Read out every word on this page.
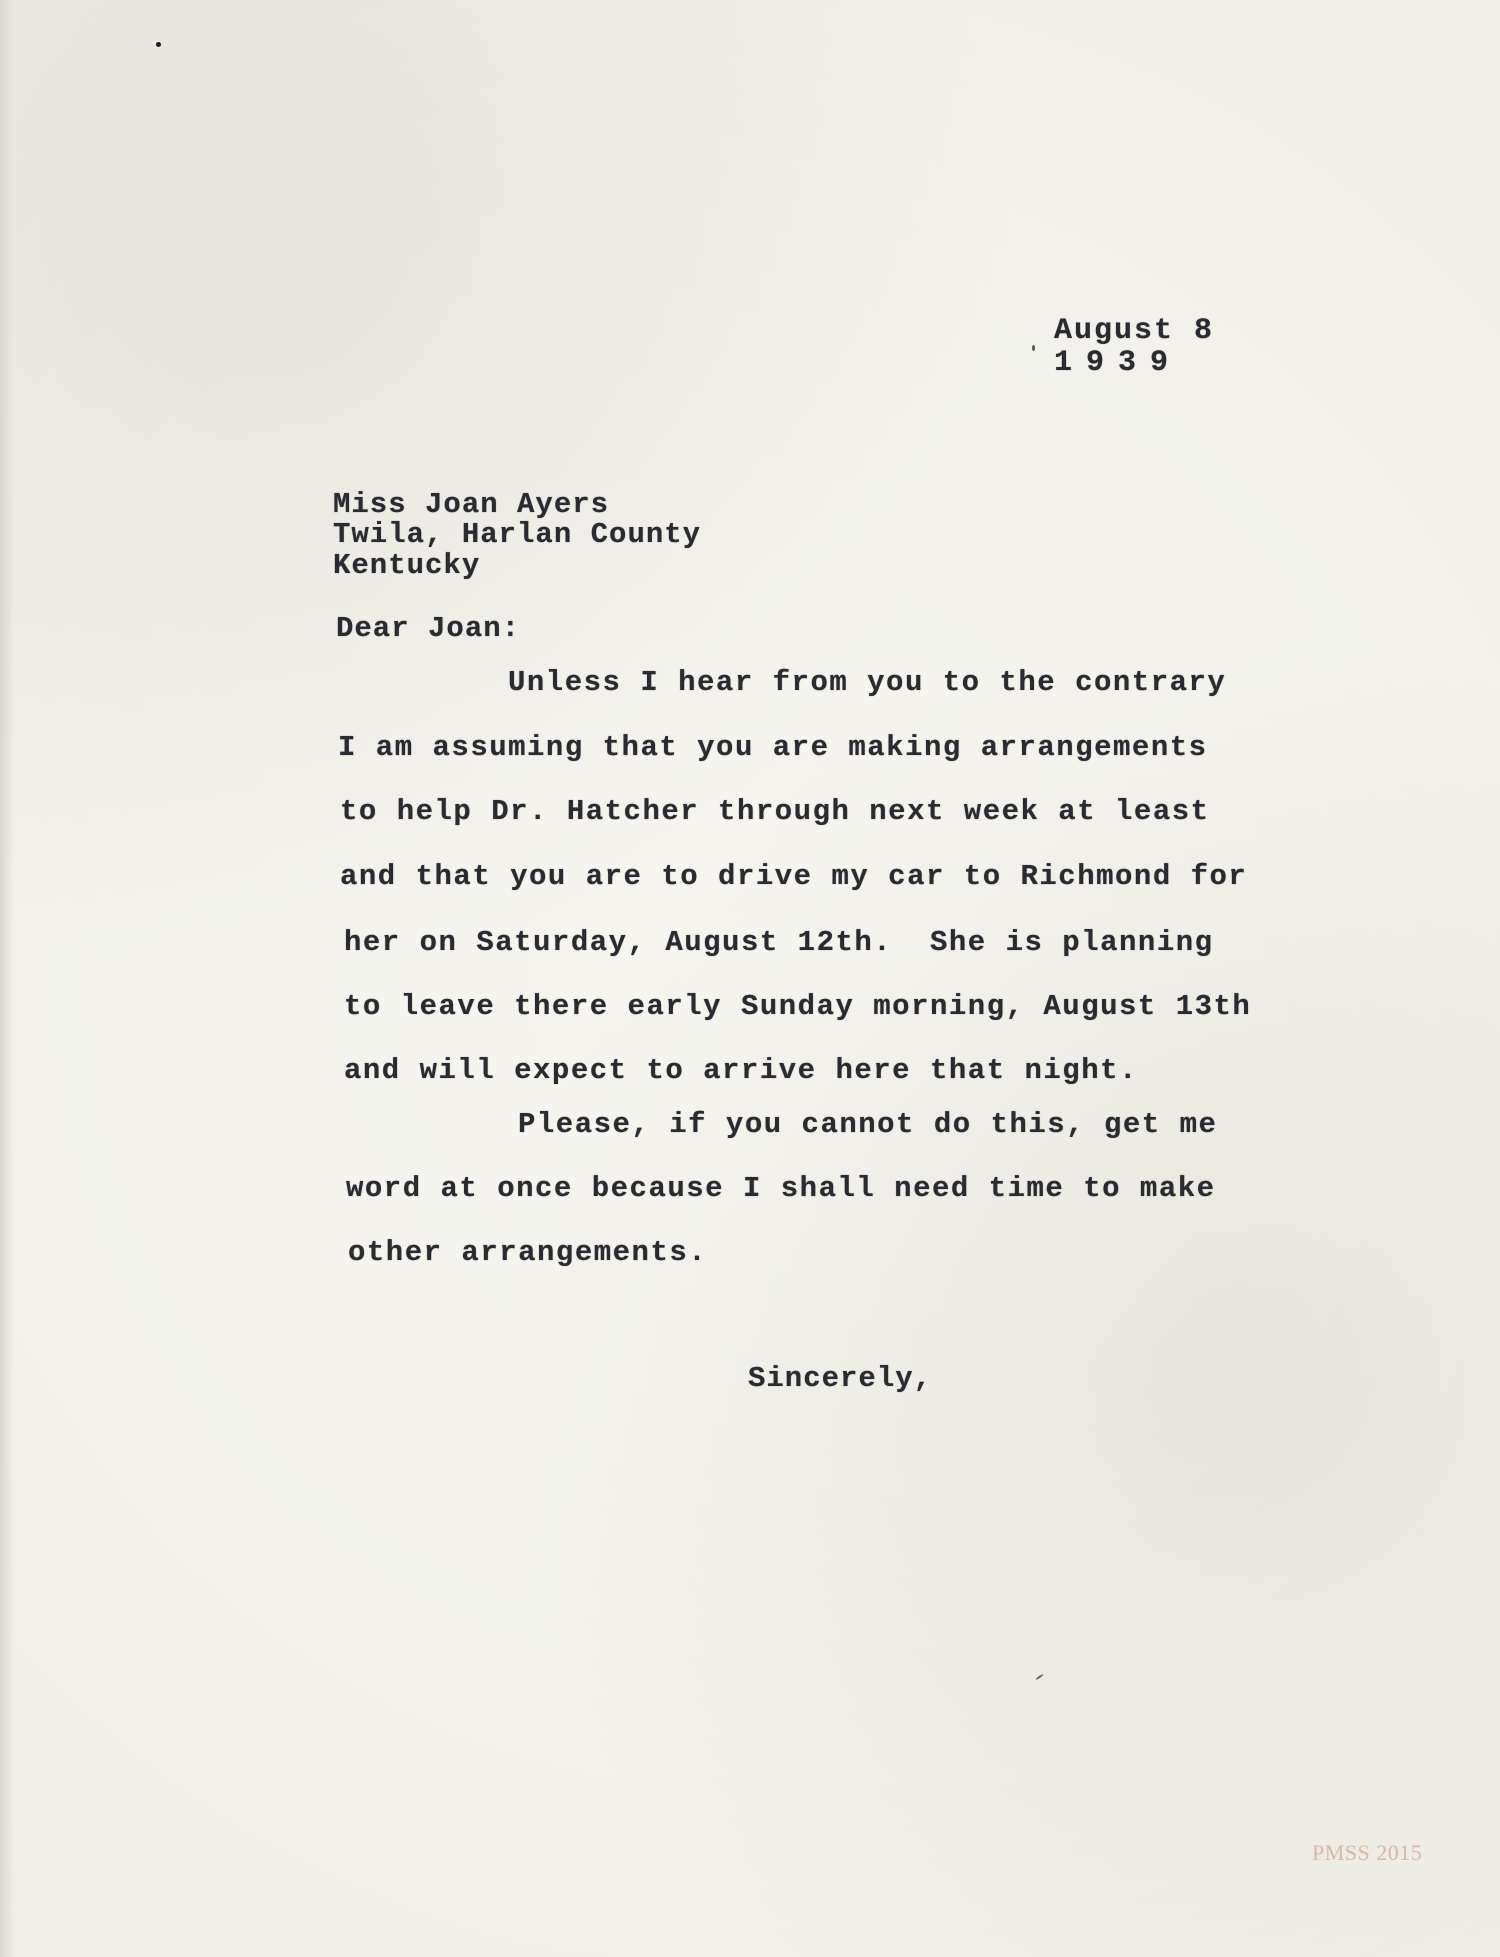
August 8

1939

Miss Joan Ayers

Twila, Harlan County

Kentucky

Dear Joan:

Unless I hear from you to the contrary

I am assuming that you are making arrangements

to help Dr. Hatcher through next week at least

and that you are to drive my car to Richmond for

her on Saturday, August 12th.  She is planning

to leave there early Sunday morning, August 13th

and will expect to arrive here that night.

Please, if you cannot do this, get me

word at once because I shall need time to make

other arrangements.

Sincerely,

PMSS 2015
